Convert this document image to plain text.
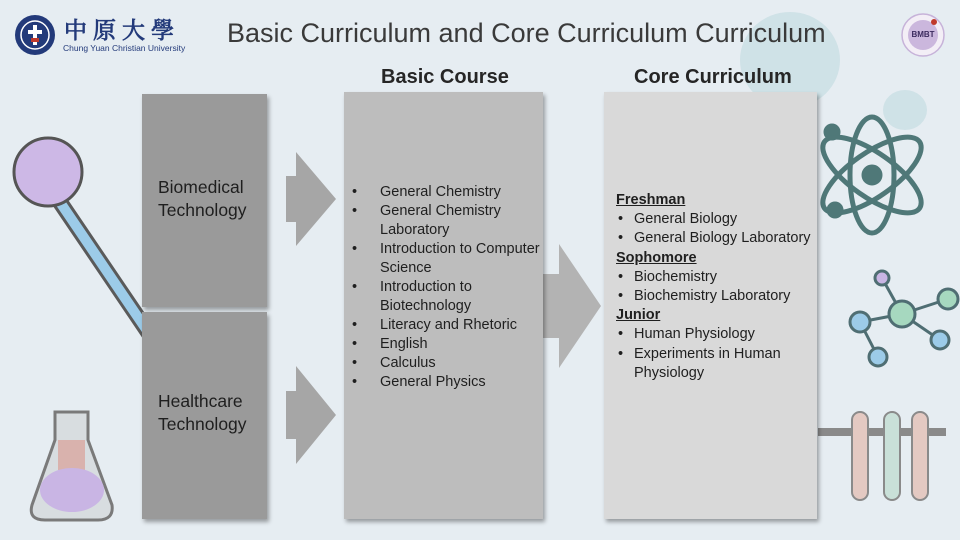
中原大學
Chung Yuan Christian University
BMBT
Basic Curriculum and Core Curriculum Curriculum
Basic Course	Core Curriculum
Biomedical Technology
Healthcare Technology
• General Chemistry
• General Chemistry Laboratory
• Introduction to Computer Science
• Introduction to Biotechnology
• Literacy and Rhetoric
• English
• Calculus
• General Physics
Freshman
• General Biology
• General Biology Laboratory
Sophomore
• Biochemistry
• Biochemistry Laboratory
Junior
• Human Physiology
• Experiments in Human Physiology
